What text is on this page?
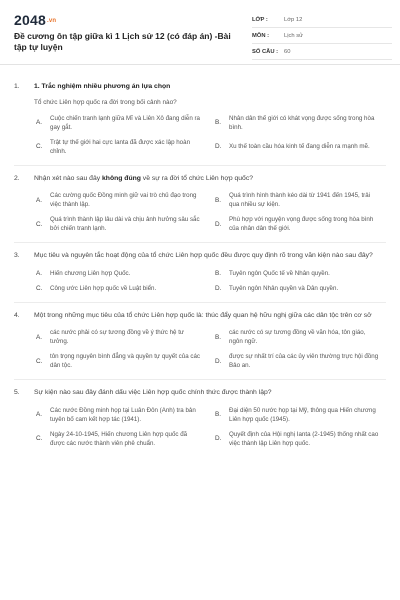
2048.vn
Đề cương ôn tập giữa kì 1 Lịch sử 12 (có đáp án) -Bài tập tự luyện
LỚP :	Lớp 12
MÔN :	Lịch sử
SỐ CÂU :	60
1.	1. Trắc nghiệm nhiều phương án lựa chọn
Tổ chức Liên hợp quốc ra đời trong bối cảnh nào?
A.
Cuộc chiến tranh lạnh giữa Mĩ và Liên Xô đang diễn ra gay gắt.
B.
Nhân dân thế giới có khát vọng được sống trong hòa bình.
C.
Trật tự thế giới hai cực Ianta đã được xác lập hoàn chỉnh.
D.	Xu thế toàn cầu hóa kinh tế đang diễn ra mạnh mẽ.
2.	Nhận xét nào sau đây không đúng về sự ra đời tổ chức Liên hợp quốc?
A.
Các cường quốc Đồng minh giữ vai trò chủ đạo trong việc thành lập.
B.
Quá trình hình thành kéo dài từ 1941 đến 1945, trải qua nhiều sự kiện.
C.
Quá trình thành lập lâu dài và chịu ảnh hưởng sâu sắc bởi chiến tranh lạnh.
D.
Phù hợp với nguyện vọng được sống trong hòa bình của nhân dân thế giới.
3.	Mục tiêu và nguyên tắc hoạt động của tổ chức Liên hợp quốc đều được quy định rõ trong văn kiện nào sau đây?
A.	Hiến chương Liên hợp Quốc.	B.	Tuyên ngôn Quốc tế về Nhân quyền.
C.	Công ước Liên hợp quốc về Luật biển.	D.	Tuyên ngôn Nhân quyền và Dân quyền.
4.	Một trong những mục tiêu của tổ chức Liên hợp quốc là: thúc đẩy quan hệ hữu nghị giữa các dân tộc trên cơ sở
A.
các nước phải có sự tương đồng về ý thức hệ tư tưởng.
B.
các nước có sự tương đồng về văn hóa, tôn giáo, ngôn ngữ.
C.
tôn trọng nguyên bình đẳng và quyền tự quyết của các dân tộc.
D.
được sự nhất trí của các ủy viên thường trực hội đồng Bảo an.
5.	Sự kiện nào sau đây đánh dấu việc Liên hợp quốc chính thức được thành lập?
A.
Các nước Đồng minh họp tại Luân Đôn (Anh) tra bản tuyên bố cam kết hợp tác (1941).
B.
Đại diện 50 nước họp tại Mỹ, thông qua Hiến chương Liên hợp quốc (1945).
C.
Ngày 24-10-1945, Hiến chương Liên hợp quốc đã được các nước thành viên phê chuẩn.
D.
Quyết định của Hội nghị Ianta (2-1945) thống nhất cao việc thành lập Liên hợp quốc.
